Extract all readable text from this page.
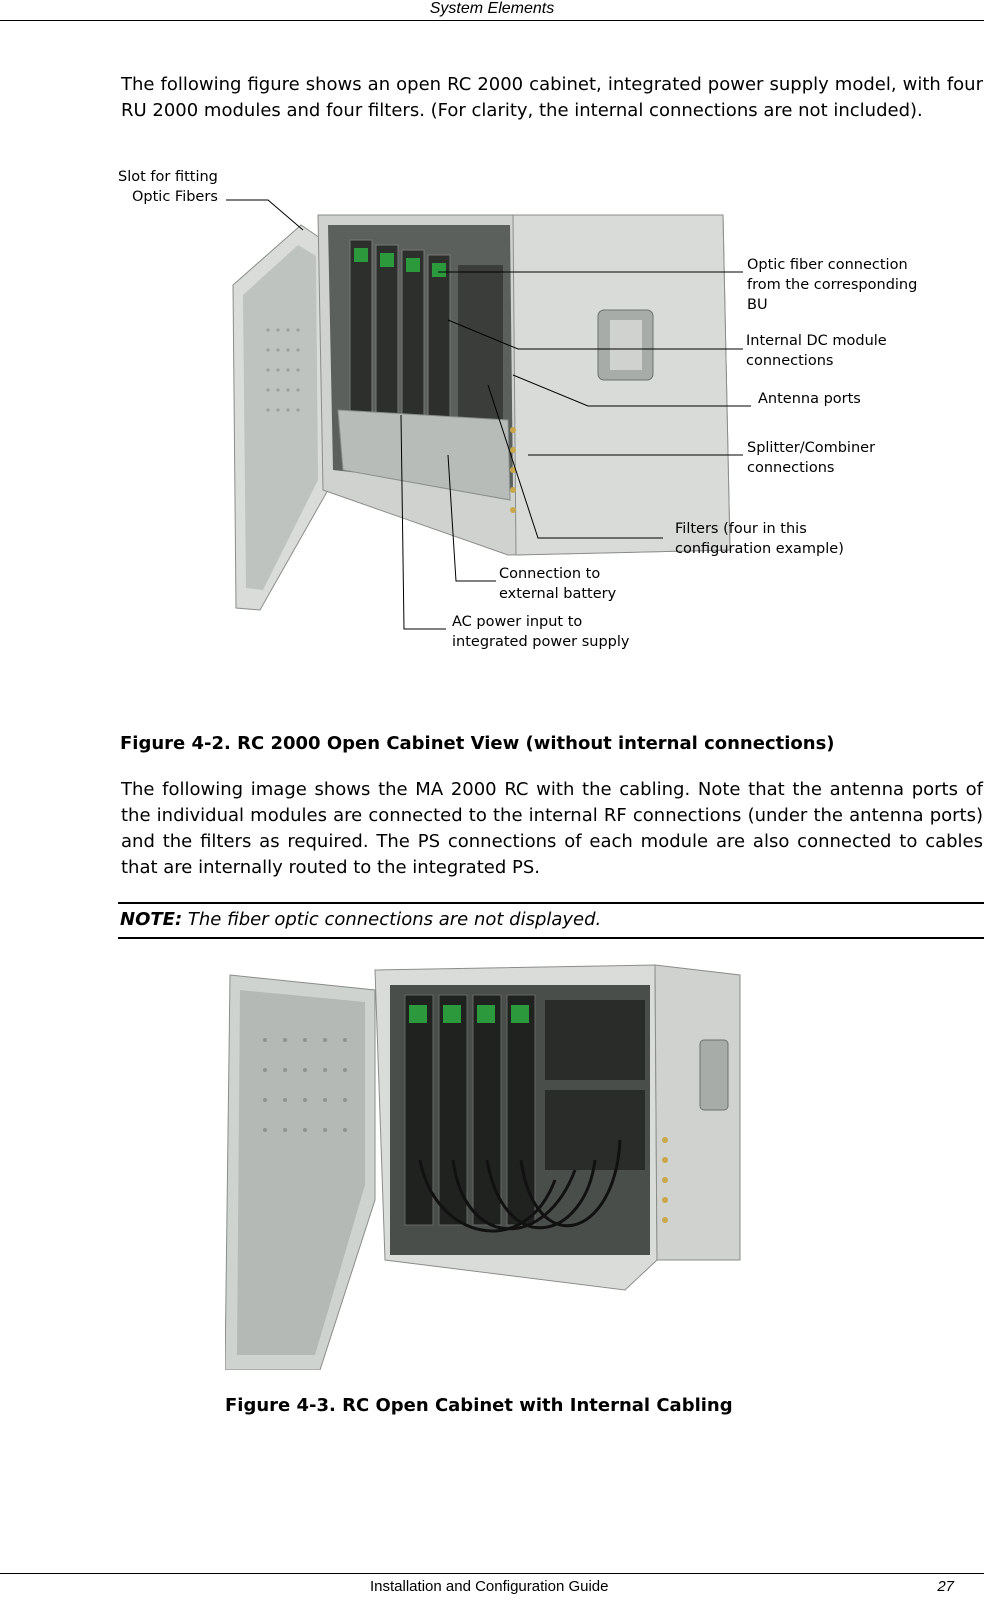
System Elements

The following figure shows an open RC 2000 cabinet, integrated power supply model, with four RU 2000 modules and four filters. (For clarity, the internal connections are not included).

Slot for fitting
Optic Fibers
Optic fiber connection
from the corresponding
BU
Internal DC module
connections
Antenna ports
Splitter/Combiner
connections
Filters (four in this
configuration example)
Connection to
external battery
AC power input to
integrated power supply
Figure 4-2. RC 2000 Open Cabinet View (without internal connections)

The following image shows the MA 2000 RC with the cabling. Note that the antenna ports of the individual modules are connected to the internal RF connections (under the antenna ports) and the filters as required. The PS connections of each module are also connected to cables that are internally routed to the integrated PS.

NOTE: The fiber optic connections are not displayed.
Figure 4-3. RC Open Cabinet with Internal Cabling
Installation and Configuration Guide	27
